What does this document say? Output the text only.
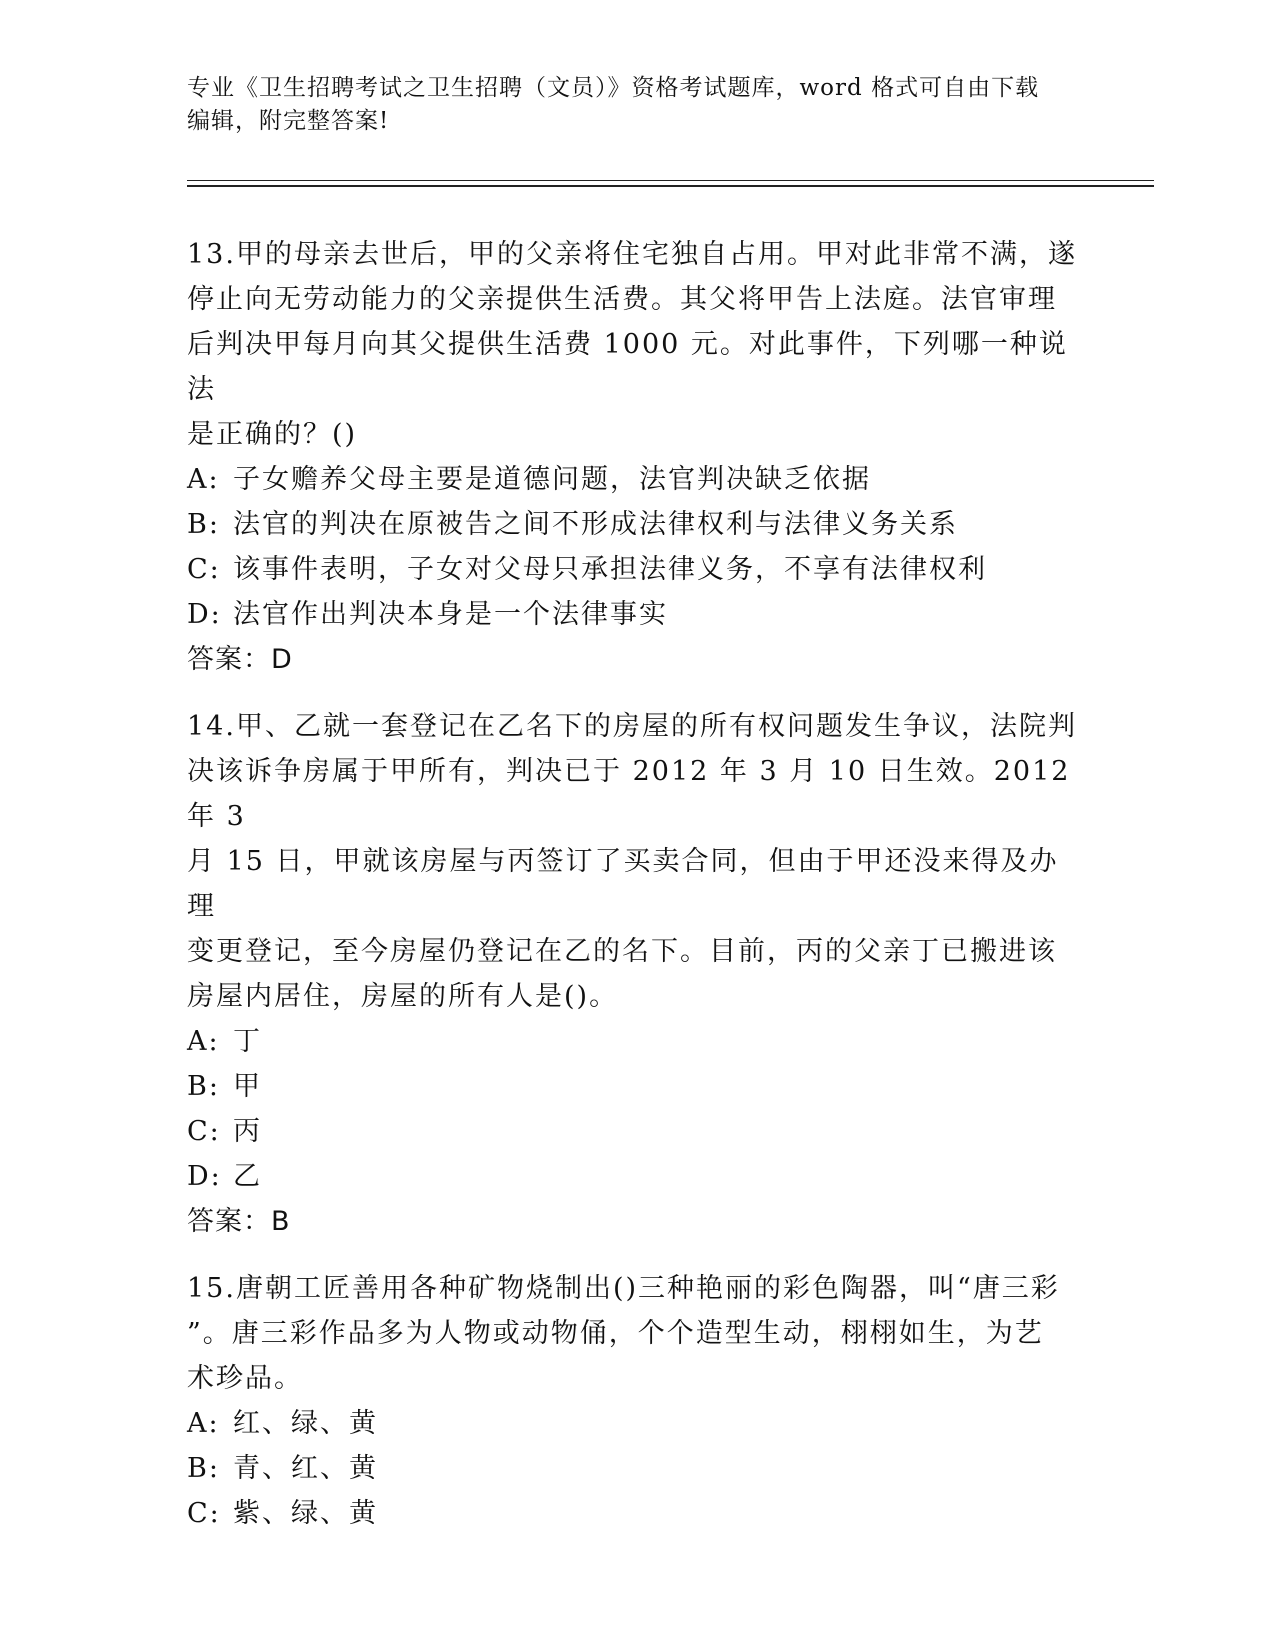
专业《卫生招聘考试之卫生招聘（文员）》资格考试题库，word 格式可自由下载
编辑，附完整答案!
13.甲的母亲去世后，甲的父亲将住宅独自占用。甲对此非常不满，遂
停止向无劳动能力的父亲提供生活费。其父将甲告上法庭。法官审理
后判决甲每月向其父提供生活费 1000 元。对此事件，下列哪一种说法
是正确的？()
A: 子女赡养父母主要是道德问题，法官判决缺乏依据
B: 法官的判决在原被告之间不形成法律权利与法律义务关系
C: 该事件表明，子女对父母只承担法律义务，不享有法律权利
D: 法官作出判决本身是一个法律事实
答案：D
14.甲、乙就一套登记在乙名下的房屋的所有权问题发生争议，法院判
决该诉争房属于甲所有，判决已于 2012 年 3 月 10 日生效。2012 年 3
月 15 日，甲就该房屋与丙签订了买卖合同，但由于甲还没来得及办理
变更登记，至今房屋仍登记在乙的名下。目前，丙的父亲丁已搬进该
房屋内居住，房屋的所有人是()。
A: 丁
B: 甲
C: 丙
D: 乙
答案：B
15.唐朝工匠善用各种矿物烧制出()三种艳丽的彩色陶器，叫“唐三彩
”。唐三彩作品多为人物或动物俑，个个造型生动，栩栩如生，为艺
术珍品。
A: 红、绿、黄
B: 青、红、黄
C: 紫、绿、黄
